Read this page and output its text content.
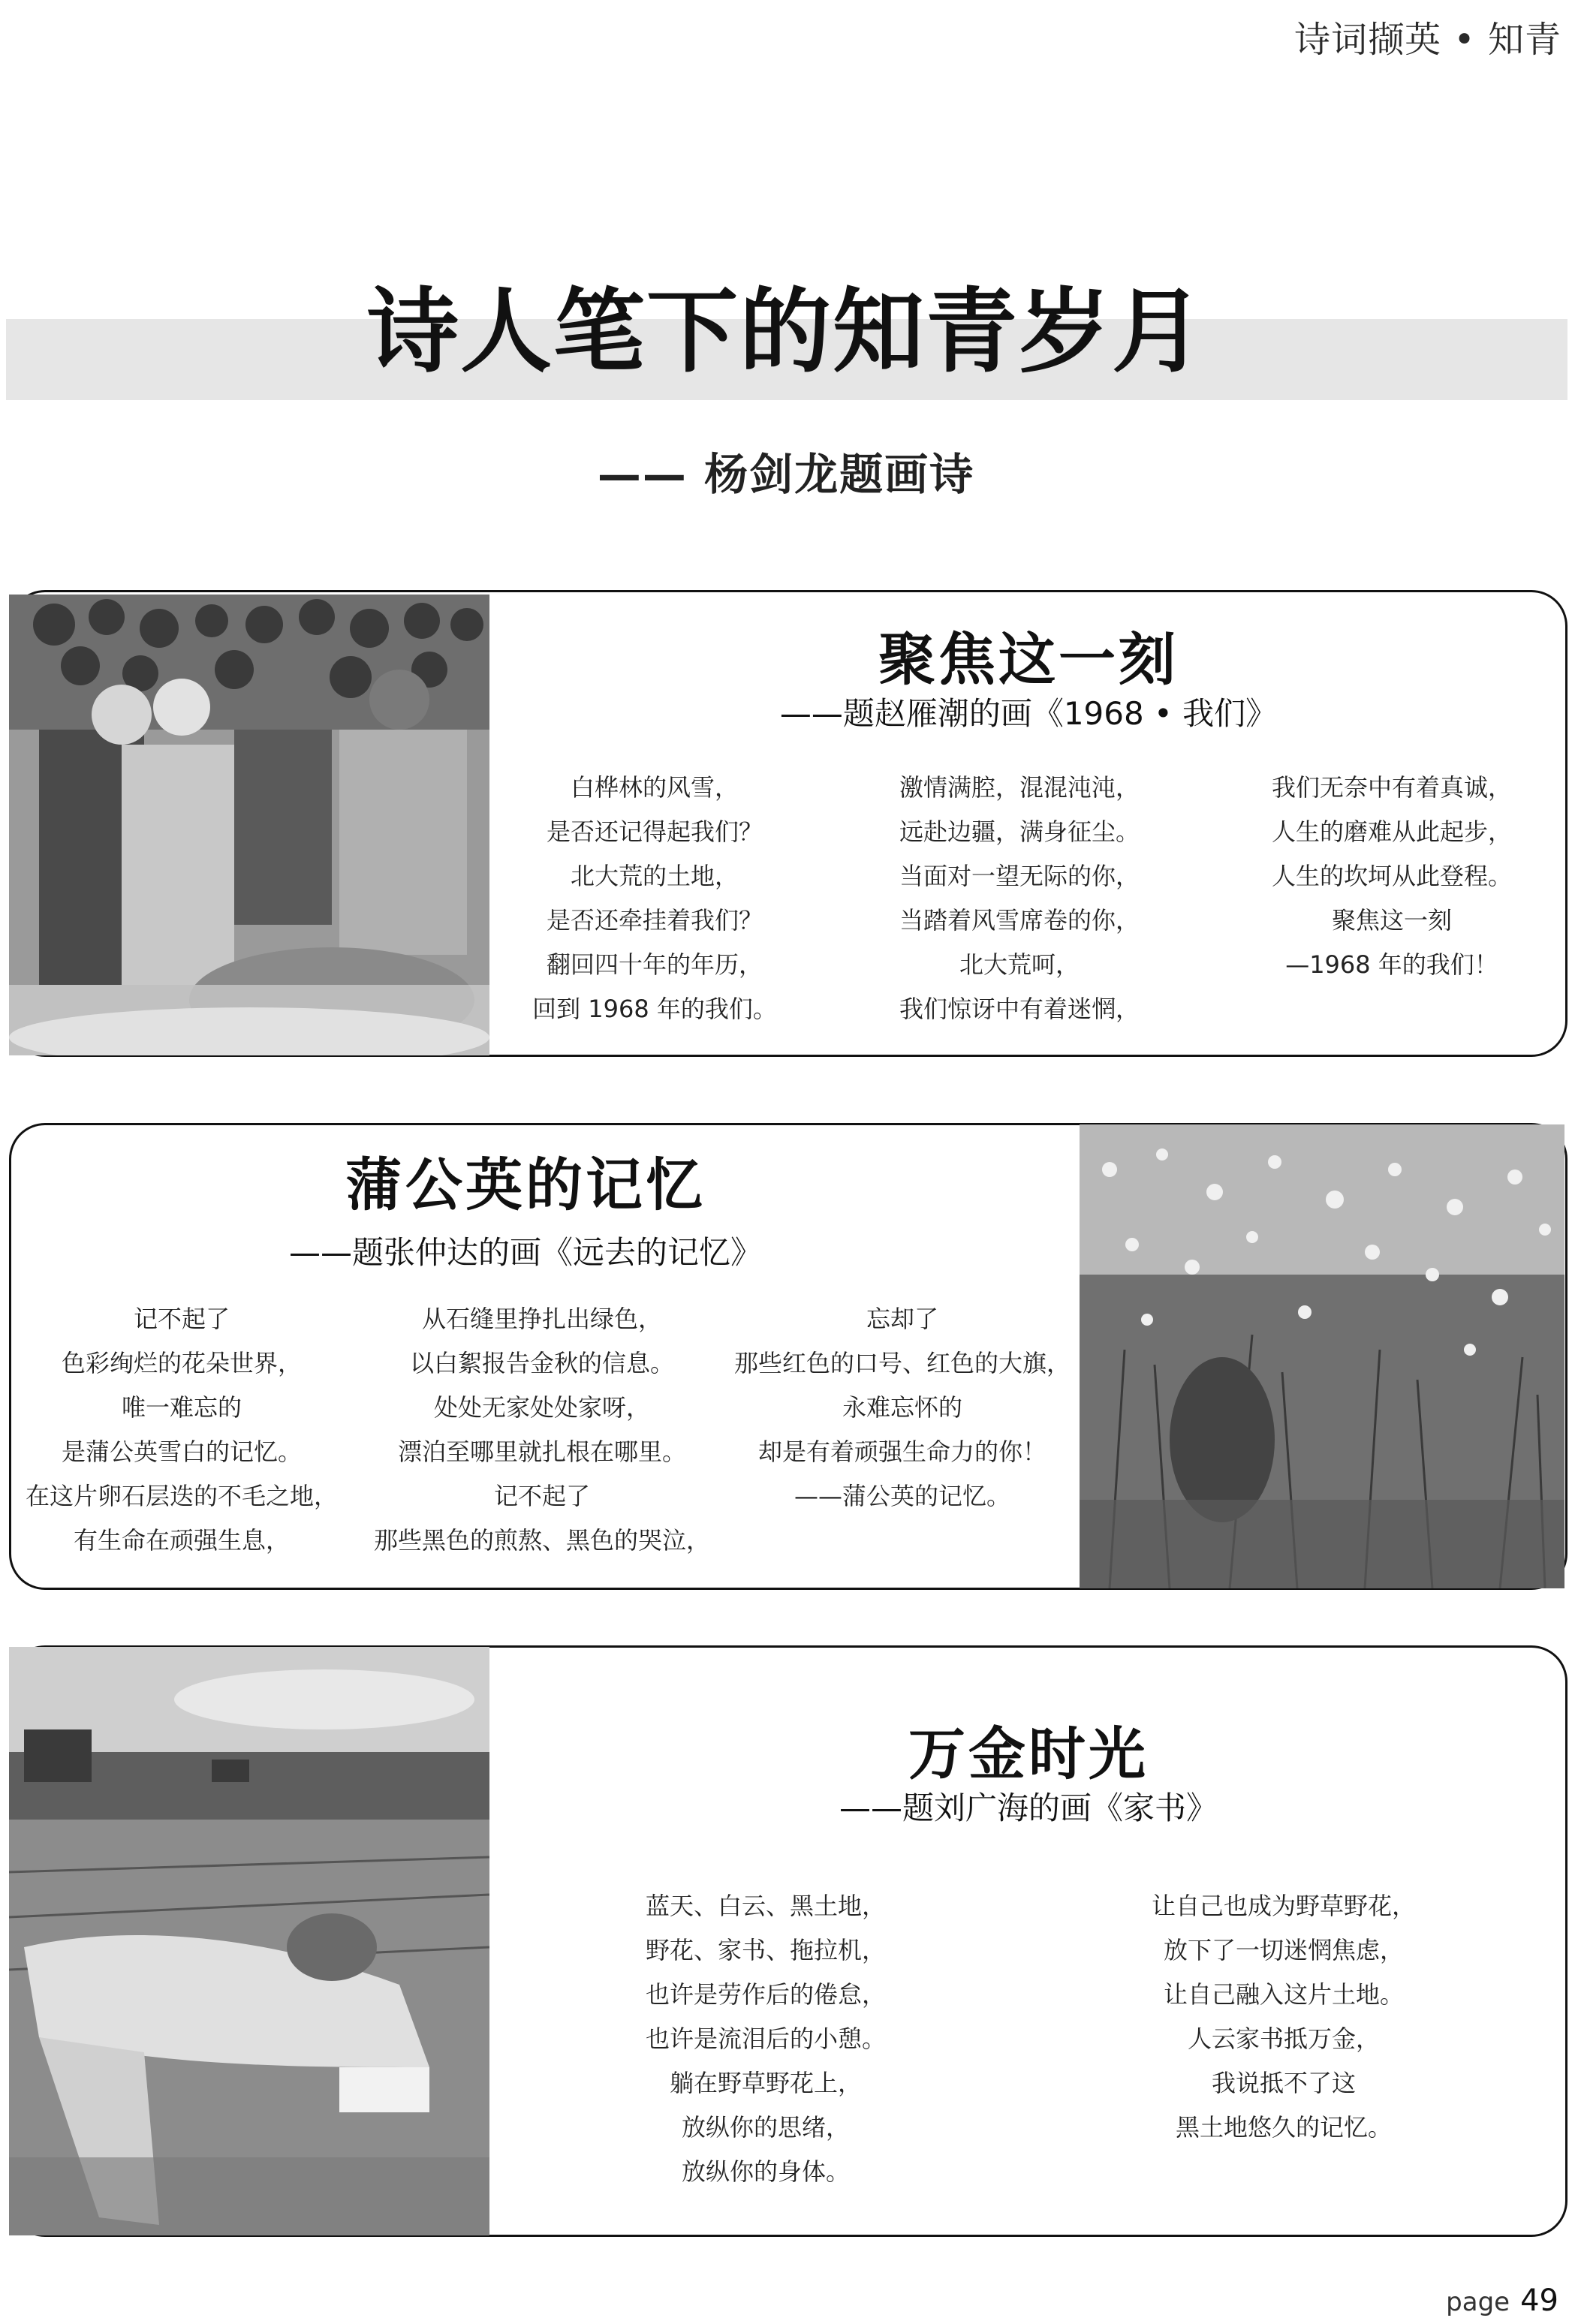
诗词撷英 • 知青
诗人笔下的知青岁月
—— 杨剑龙题画诗
聚焦这一刻
——题赵雁潮的画《1968 • 我们》
白桦林的风雪，
是否还记得起我们？
北大荒的土地，
是否还牵挂着我们？
翻回四十年的年历，
回到 1968 年的我们。
激情满腔，混混沌沌，
远赴边疆，满身征尘。
当面对一望无际的你，
当踏着风雪席卷的你，
北大荒呵，
我们惊讶中有着迷惘，
我们无奈中有着真诚，
人生的磨难从此起步，
人生的坎坷从此登程。
聚焦这一刻
—1968 年的我们！
蒲公英的记忆
——题张仲达的画《远去的记忆》
记不起了
色彩绚烂的花朵世界，
唯一难忘的
是蒲公英雪白的记忆。
在这片卵石层迭的不毛之地，
有生命在顽强生息，
从石缝里挣扎出绿色，
以白絮报告金秋的信息。
处处无家处处家呀，
漂泊至哪里就扎根在哪里。
记不起了
那些黑色的煎熬、黑色的哭泣，
忘却了
那些红色的口号、红色的大旗，
永难忘怀的
却是有着顽强生命力的你！
——蒲公英的记忆。
万金时光
——题刘广海的画《家书》
蓝天、白云、黑土地，
野花、家书、拖拉机，
也许是劳作后的倦怠，
也许是流泪后的小憩。
躺在野草野花上，
放纵你的思绪，
放纵你的身体。
让自己也成为野草野花，
放下了一切迷惘焦虑，
让自己融入这片土地。
人云家书抵万金，
我说抵不了这
黑土地悠久的记忆。
page 49
